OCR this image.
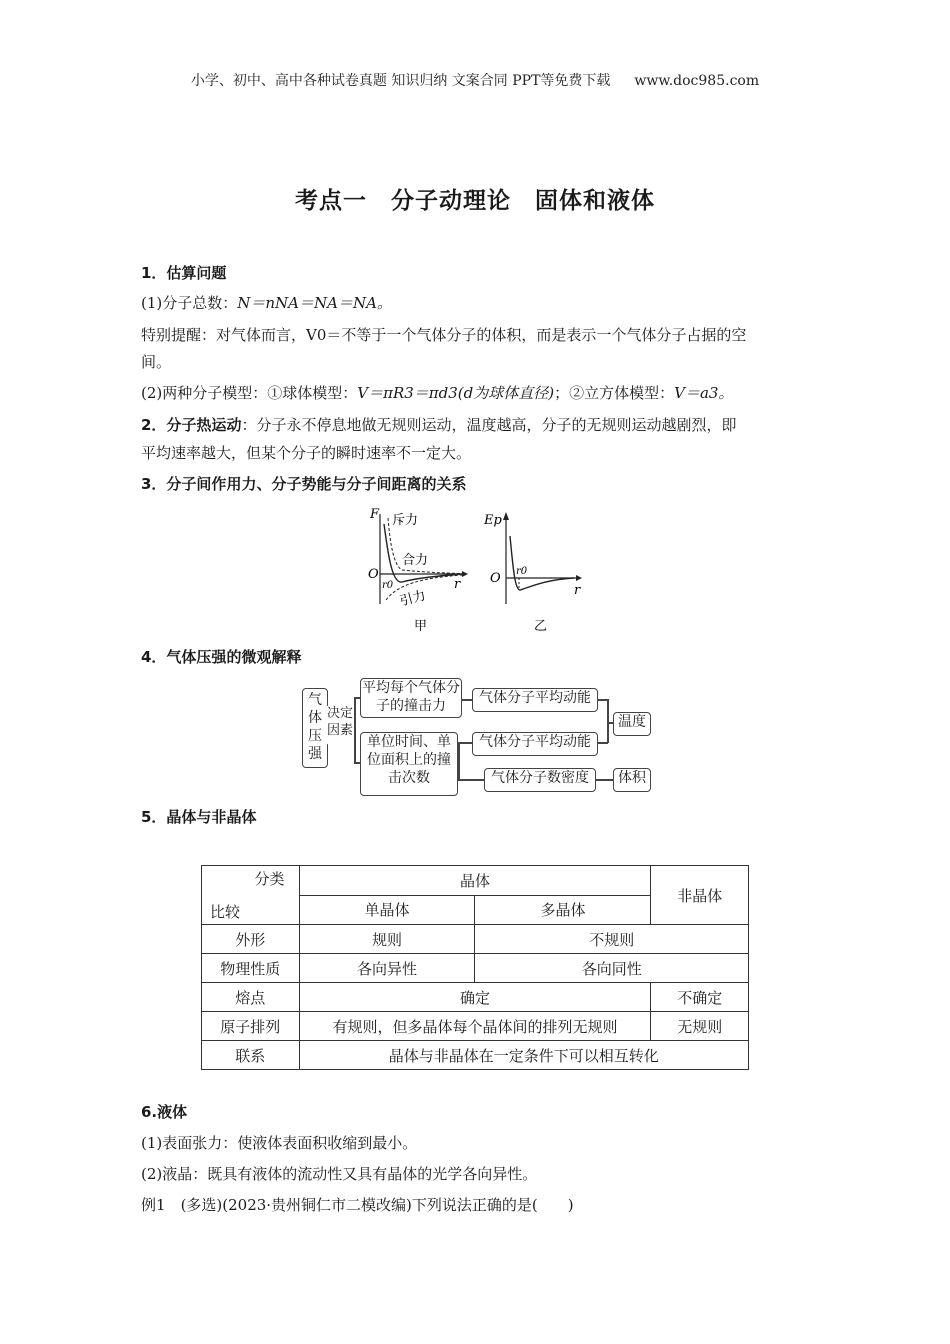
小学、初中、高中各种试卷真题 知识归纳 文案合同 PPT等免费下载 www.doc985.com
考点一　分子动理论　固体和液体
1．估算问题
(1)分子总数：N＝nNA＝NA＝NA。
特别提醒：对气体而言，V0＝不等于一个气体分子的体积，而是表示一个气体分子占据的空
间。
(2)两种分子模型：①球体模型：V＝πR3＝πd3(d为球体直径)；②立方体模型：V＝a3。
2．分子热运动：分子永不停息地做无规则运动，温度越高，分子的无规则运动越剧烈，即
平均速率越大，但某个分子的瞬时速率不一定大。
3．分子间作用力、分子势能与分子间距离的关系
F
O
r0	r
斥力
合力
引力
甲
Ep
O r0
r
乙
4．气体压强的微观解释
气体压强
决定因素
平均每个气体分子的撞击力	气体分子平均动能
温度
单位时间、单位面积上的撞击次数
气体分子平均动能
气体分子数密度	体积
5．晶体与非晶体
分类
比较	晶体		非晶体
	单晶体	多晶体	
外形	规则	不规则	
物理性质	各向异性	各向同性	
熔点	确定		不确定
原子排列	有规则，但多晶体每个晶体间的排列无规则		无规则
联系	晶体与非晶体在一定条件下可以相互转化		
6.液体
(1)表面张力：使液体表面积收缩到最小。
(2)液晶：既具有液体的流动性又具有晶体的光学各向异性。
例1　 (多选)(2023·贵州铜仁市二模改编)下列说法正确的是(　　)
